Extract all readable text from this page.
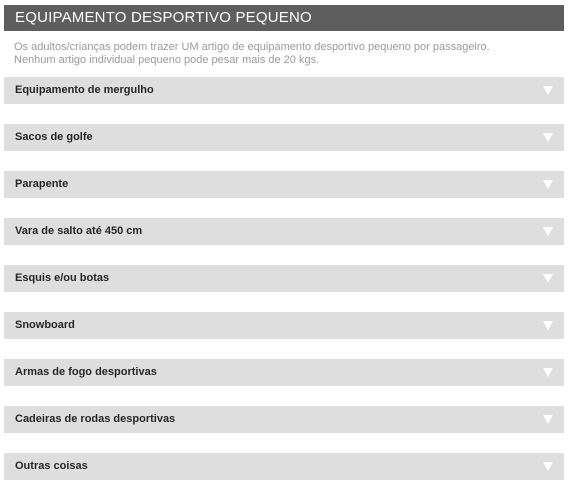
EQUIPAMENTO DESPORTIVO PEQUENO
Os adultos/crianças podem trazer UM artigo de equipamento desportivo pequeno por passageiro.
Nenhum artigo individual pequeno pode pesar mais de 20 kgs.
Equipamento de mergulho
Sacos de golfe
Parapente
Vara de salto até 450 cm
Esquis e/ou botas
Snowboard
Armas de fogo desportivas
Cadeiras de rodas desportivas
Outras coisas
